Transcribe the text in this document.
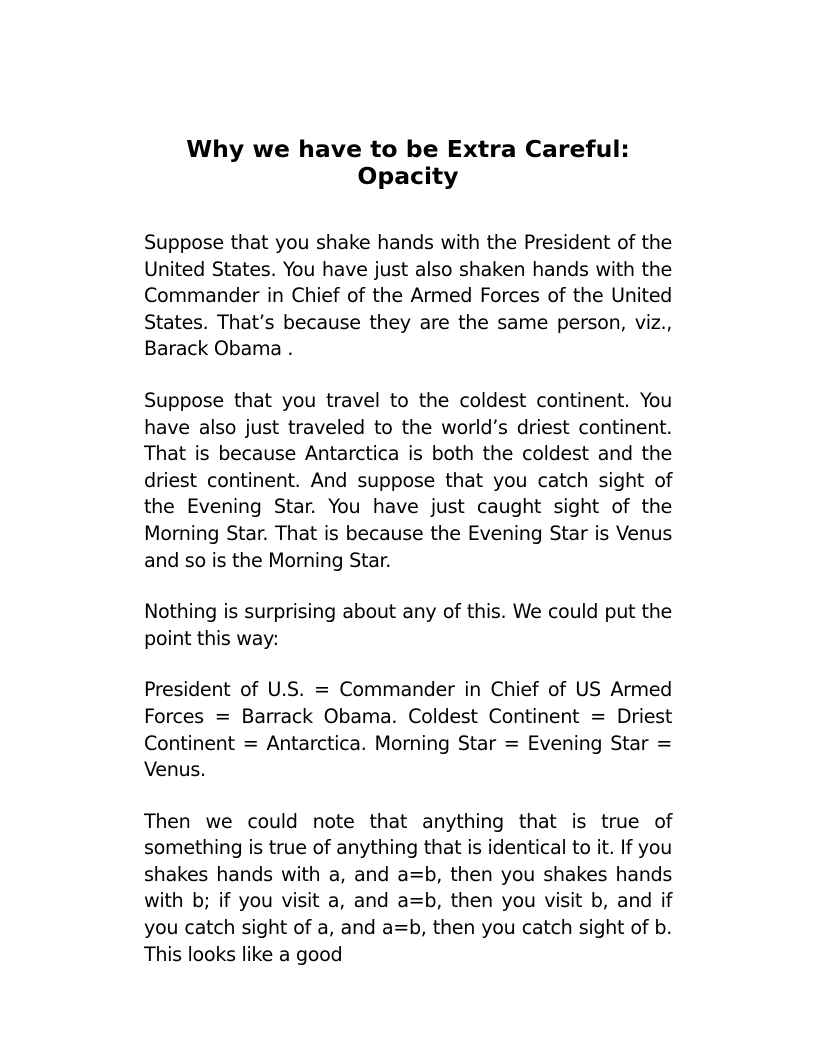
Why we have to be Extra Careful:
Opacity

Suppose that you shake hands with the President of the United States. You have just also shaken hands with the Commander in Chief of the Armed Forces of the United States. That’s because they are the same person, viz., Barack Obama .

Suppose that you travel to the coldest continent. You have also just traveled to the world’s driest continent. That is because Antarctica is both the coldest and the driest continent. And suppose that you catch sight of the Evening Star. You have just caught sight of the Morning Star. That is because the Evening Star is Venus and so is the Morning Star.

Nothing is surprising about any of this. We could put the point this way:

President of U.S. = Commander in Chief of US Armed Forces = Barrack Obama. Coldest Continent = Driest Continent = Antarctica. Morning Star = Evening Star = Venus.

Then we could note that anything that is true of something is true of anything that is identical to it. If you shakes hands with a, and a=b, then you shakes hands with b; if you visit a, and a=b, then you visit b, and if you catch sight of a, and a=b, then you catch sight of b. This looks like a good
